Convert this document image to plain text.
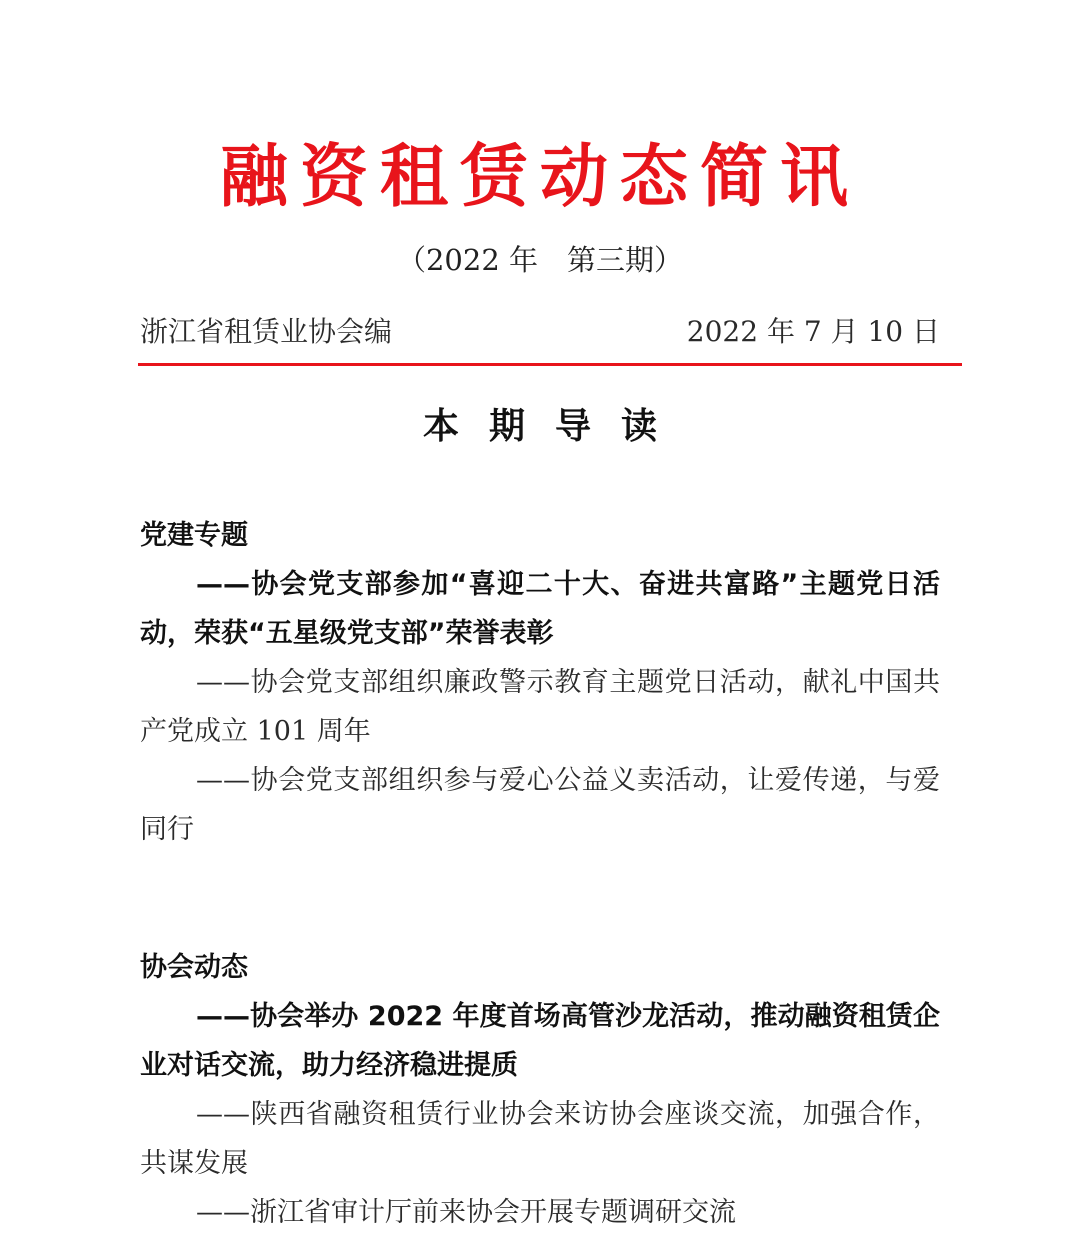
融资租赁动态简讯
（2022 年　第三期）
浙江省租赁业协会编	2022 年 7 月 10 日
本期导读
党建专题

——协会党支部参加“喜迎二十大、奋进共富路”主题党日活动，荣获“五星级党支部”荣誉表彰

——协会党支部组织廉政警示教育主题党日活动，献礼中国共产党成立 101 周年

——协会党支部组织参与爱心公益义卖活动，让爱传递，与爱同行

协会动态

——协会举办 2022 年度首场高管沙龙活动，推动融资租赁企业对话交流，助力经济稳进提质

——陕西省融资租赁行业协会来访协会座谈交流，加强合作，共谋发展

——浙江省审计厅前来协会开展专题调研交流
